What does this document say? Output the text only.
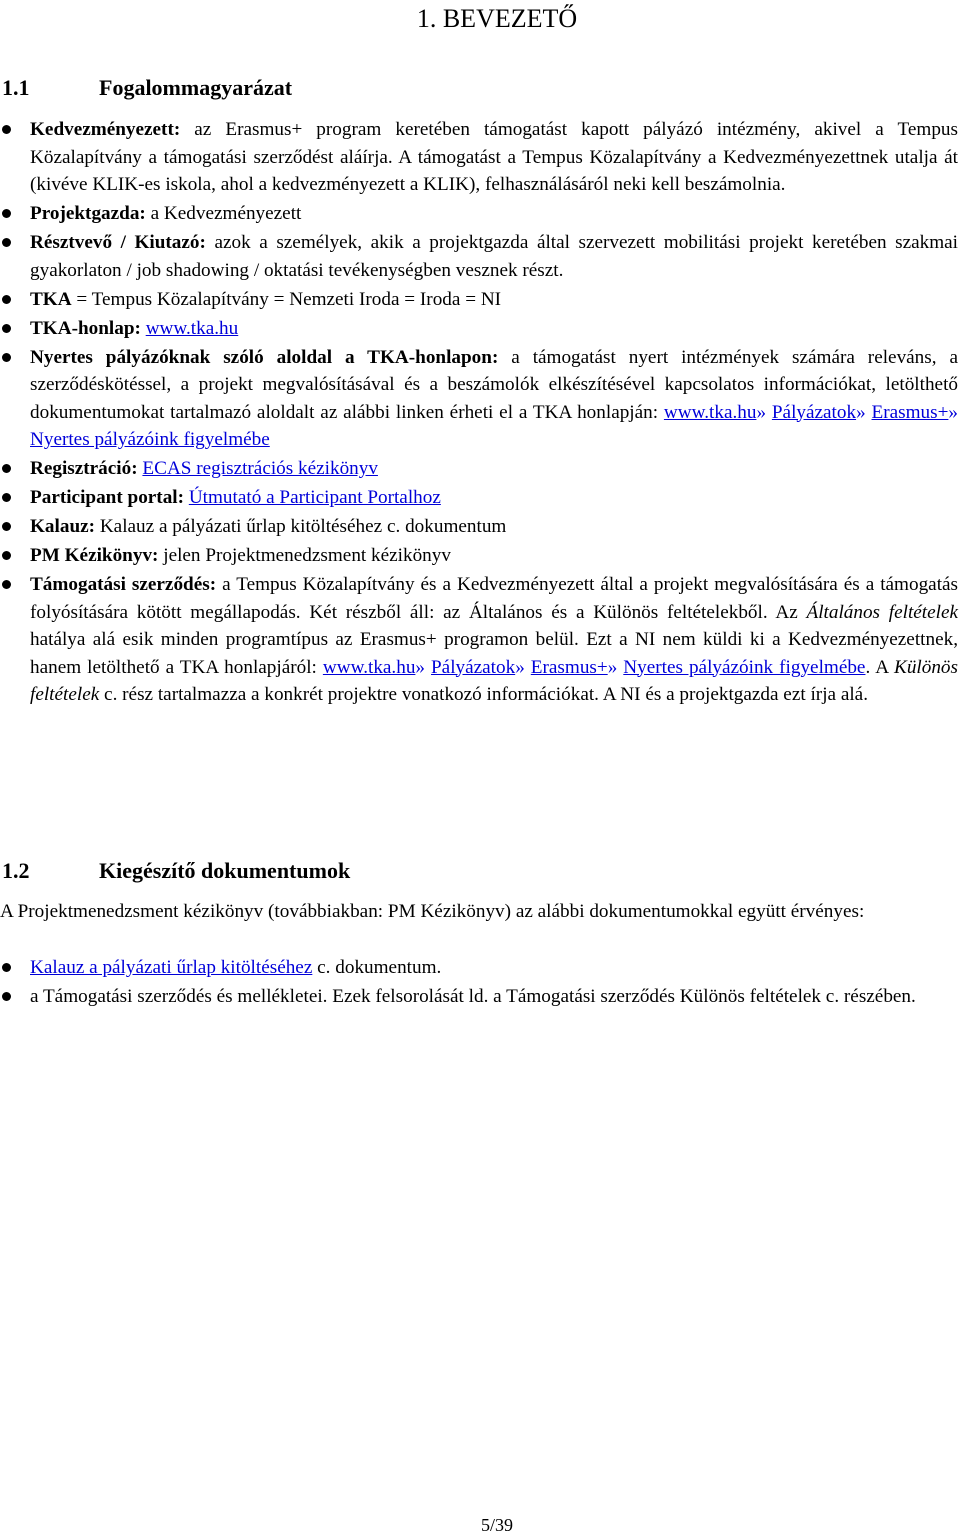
1. BEVEZETŐ
1.1	Fogalommagyarázat
Kedvezményezett: az Erasmus+ program keretében támogatást kapott pályázó intézmény, akivel a Tempus Közalapítvány a támogatási szerződést aláírja. A támogatást a Tempus Közalapítvány a Kedvezményezettnek utalja át (kivéve KLIK-es iskola, ahol a kedvezményezett a KLIK), felhasználásáról neki kell beszámolnia.
Projektgazda: a Kedvezményezett
Résztvevő / Kiutazó: azok a személyek, akik a projektgazda által szervezett mobilitási projekt keretében szakmai gyakorlaton / job shadowing / oktatási tevékenységben vesznek részt.
TKA = Tempus Közalapítvány = Nemzeti Iroda = Iroda = NI
TKA-honlap: www.tka.hu
Nyertes pályázóknak szóló aloldal a TKA-honlapon: a támogatást nyert intézmények számára releváns, a szerződéskötéssel, a projekt megvalósításával és a beszámolók elkészítésével kapcsolatos információkat, letölthető dokumentumokat tartalmazó aloldalt az alábbi linken érheti el a TKA honlapján: www.tka.hu» Pályázatok» Erasmus+» Nyertes pályázóink figyelmébe
Regisztráció: ECAS regisztrációs kézikönyv
Participant portal: Útmutató a Participant Portalhoz
Kalauz: Kalauz a pályázati űrlap kitöltéséhez c. dokumentum
PM Kézikönyv: jelen Projektmenedzsment kézikönyv
Támogatási szerződés: a Tempus Közalapítvány és a Kedvezményezett által a projekt megvalósítására és a támogatás folyósítására kötött megállapodás. Két részből áll: az Általános és a Különös feltételekből. Az Általános feltételek hatálya alá esik minden programtípus az Erasmus+ programon belül. Ezt a NI nem küldi ki a Kedvezményezettnek, hanem letölthető a TKA honlapjáról: www.tka.hu» Pályázatok» Erasmus+» Nyertes pályázóink figyelmébe. A Különös feltételek c. rész tartalmazza a konkrét projektre vonatkozó információkat. A NI és a projektgazda ezt írja alá.
1.2	Kiegészítő dokumentumok

A Projektmenedzsment kézikönyv (továbbiakban: PM Kézikönyv) az alábbi dokumentumokkal együtt érvényes:

Kalauz a pályázati űrlap kitöltéséhez c. dokumentum.
a Támogatási szerződés és mellékletei. Ezek felsorolását ld. a Támogatási szerződés Különös feltételek c. részében.
5/39
